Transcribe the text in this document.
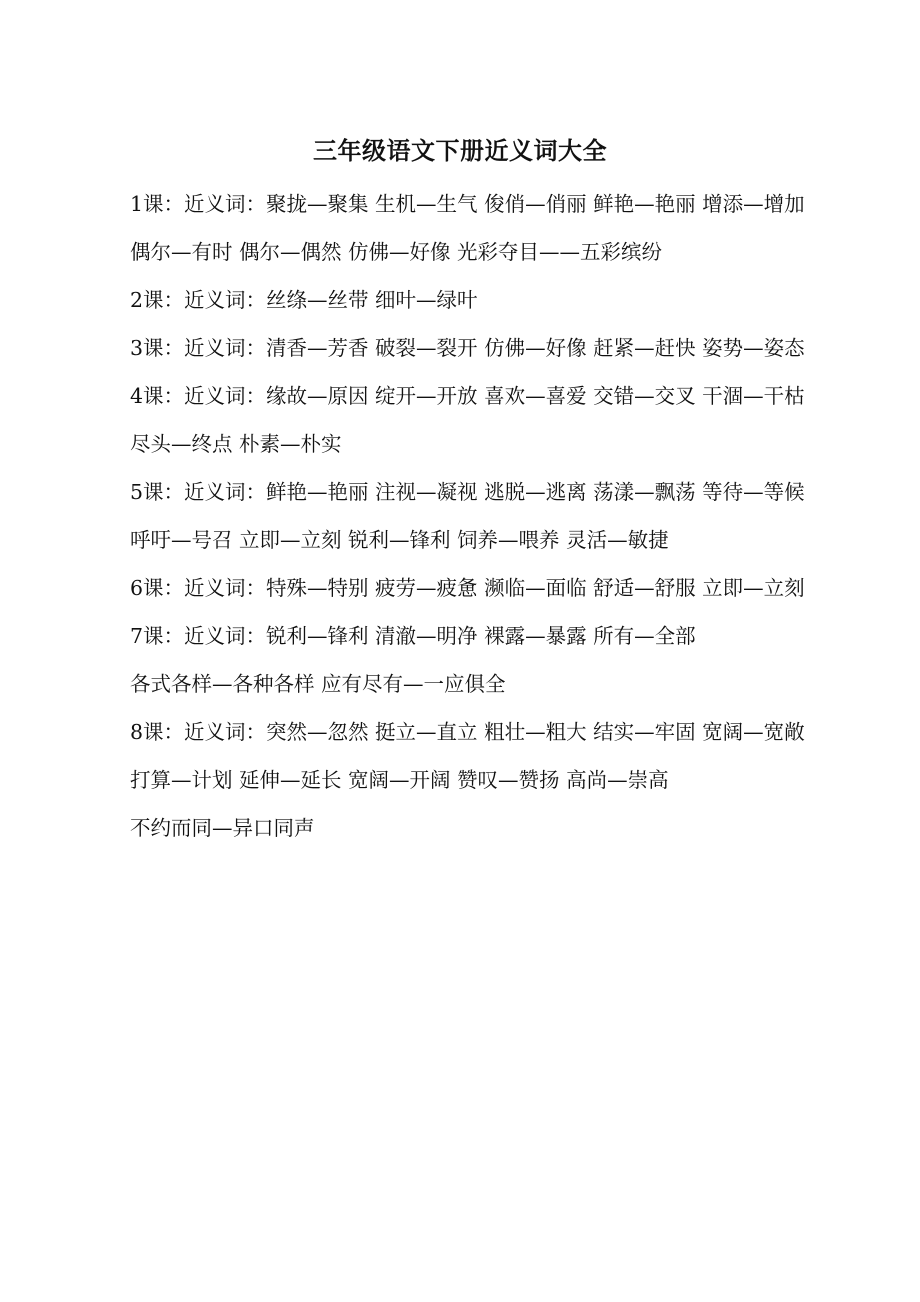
三年级语文下册近义词大全

1课：近义词：聚拢—聚集 生机—生气 俊俏—俏丽 鲜艳—艳丽 增添—增加

偶尔—有时 偶尔—偶然 仿佛—好像 光彩夺目——五彩缤纷

2课：近义词：丝绦—丝带 细叶—绿叶

3课：近义词：清香—芳香 破裂—裂开 仿佛—好像 赶紧—赶快 姿势—姿态

4课：近义词：缘故—原因 绽开—开放 喜欢—喜爱 交错—交叉 干涸—干枯

尽头—终点 朴素—朴实

5课：近义词：鲜艳—艳丽 注视—凝视 逃脱—逃离 荡漾—飘荡 等待—等候

呼吁—号召 立即—立刻 锐利—锋利 饲养—喂养 灵活—敏捷

6课：近义词：特殊—特别 疲劳—疲惫 濒临—面临 舒适—舒服 立即—立刻

7课：近义词：锐利—锋利 清澈—明净 裸露—暴露 所有—全部

各式各样—各种各样 应有尽有—一应俱全

8课：近义词：突然—忽然 挺立—直立 粗壮—粗大 结实—牢固 宽阔—宽敞

打算—计划 延伸—延长 宽阔—开阔 赞叹—赞扬 高尚—崇高

不约而同—异口同声
